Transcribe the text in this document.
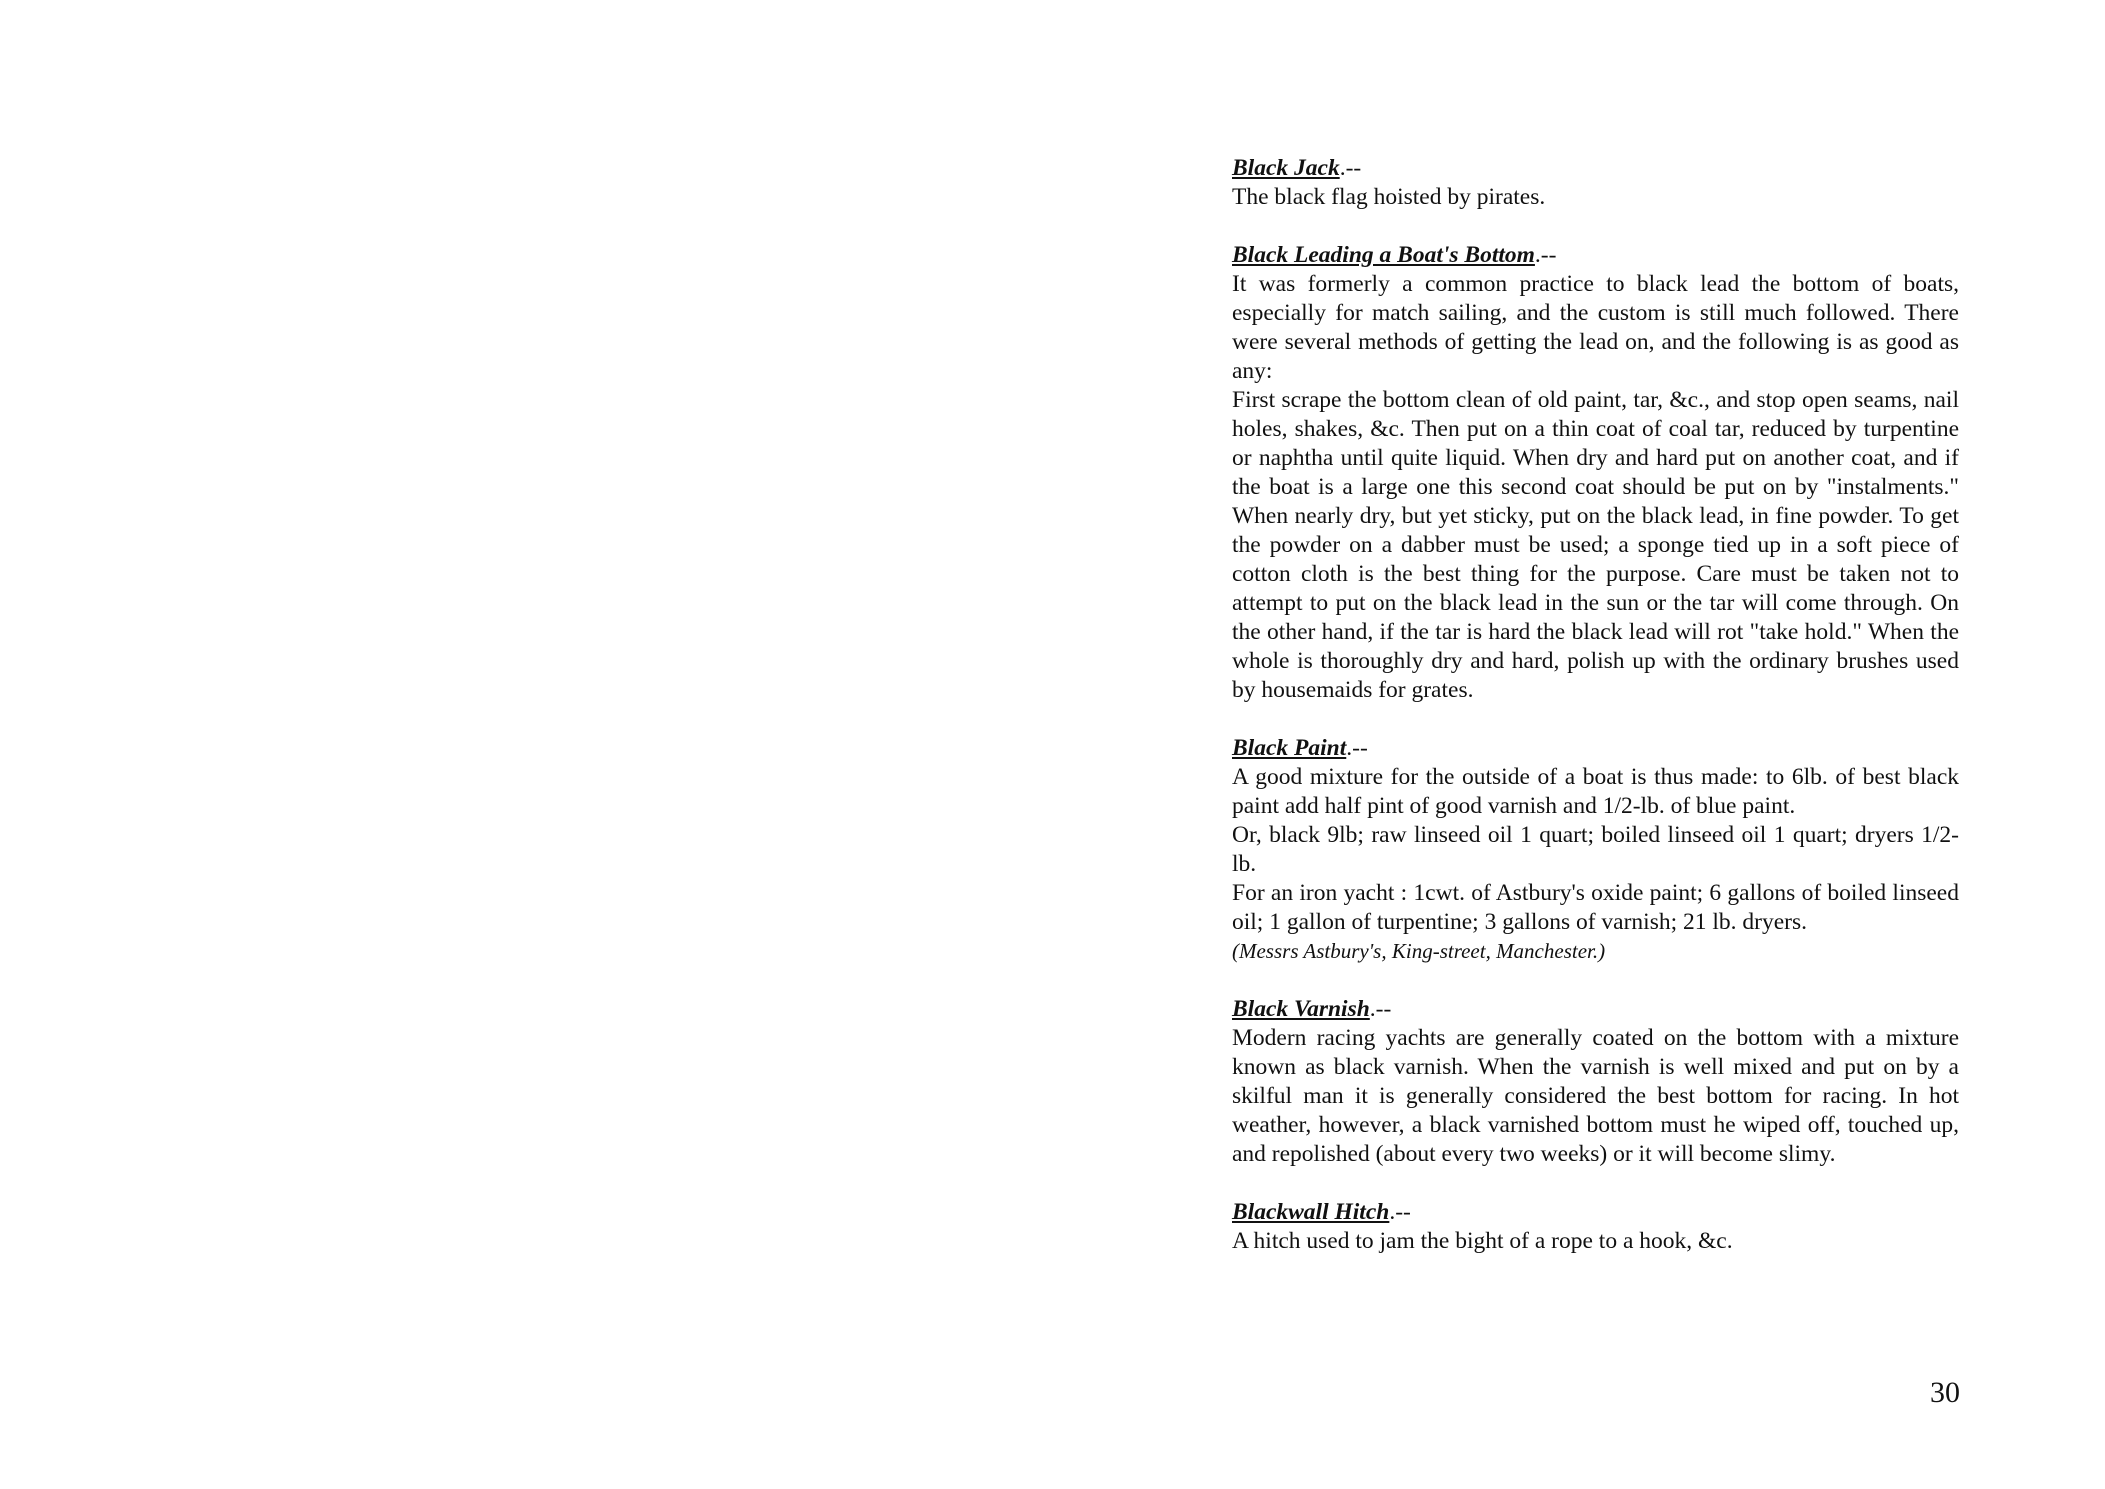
Black Jack.--

The black flag hoisted by pirates.

Black Leading a Boat's Bottom.--

It was formerly a common practice to black lead the bottom of boats, especially for match sailing, and the custom is still much followed. There were several methods of getting the lead on, and the following is as good as any:

First scrape the bottom clean of old paint, tar, &c., and stop open seams, nail holes, shakes, &c. Then put on a thin coat of coal tar, reduced by turpentine or naphtha until quite liquid. When dry and hard put on another coat, and if the boat is a large one this second coat should be put on by "instalments." When nearly dry, but yet sticky, put on the black lead, in fine powder. To get the powder on a dabber must be used; a sponge tied up in a soft piece of cotton cloth is the best thing for the purpose. Care must be taken not to attempt to put on the black lead in the sun or the tar will come through. On the other hand, if the tar is hard the black lead will rot "take hold." When the whole is thoroughly dry and hard, polish up with the ordinary brushes used by housemaids for grates.

Black Paint.--

A good mixture for the outside of a boat is thus made: to 6lb. of best black paint add half pint of good varnish and 1/2-lb. of blue paint.

Or, black 9lb; raw linseed oil 1 quart; boiled linseed oil 1 quart; dryers 1/2-lb.

For an iron yacht : 1cwt. of Astbury's oxide paint; 6 gallons of boiled linseed oil; 1 gallon of turpentine; 3 gallons of varnish; 21 lb. dryers.

(Messrs Astbury's, King-street, Manchester.)

Black Varnish.--

Modern racing yachts are generally coated on the bottom with a mixture known as black varnish. When the varnish is well mixed and put on by a skilful man it is generally considered the best bottom for racing. In hot weather, however, a black varnished bottom must he wiped off, touched up, and repolished (about every two weeks) or it will become slimy.

Blackwall Hitch.--

A hitch used to jam the bight of a rope to a hook, &c.

30
